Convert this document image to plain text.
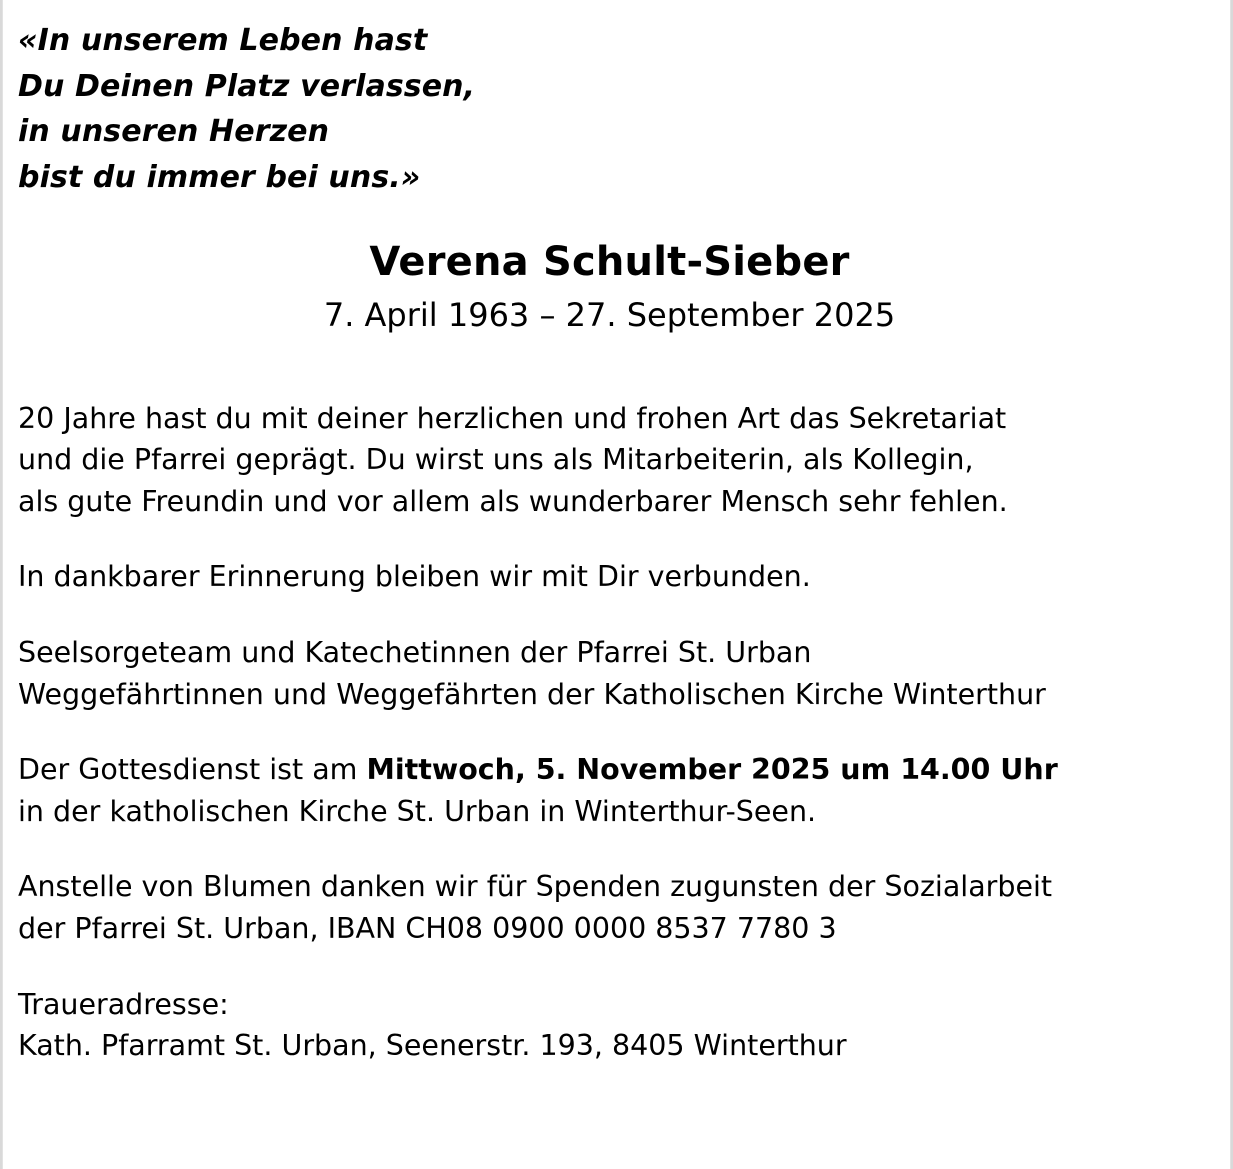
«In unserem Leben hast
Du Deinen Platz verlassen,
in unseren Herzen
bist du immer bei uns.»
Verena Schult-Sieber
7. April 1963 – 27. September 2025
20 Jahre hast du mit deiner herzlichen und frohen Art das Sekretariat
und die Pfarrei geprägt. Du wirst uns als Mitarbeiterin, als Kollegin,
als gute Freundin und vor allem als wunderbarer Mensch sehr fehlen.
In dankbarer Erinnerung bleiben wir mit Dir verbunden.
Seelsorgeteam und Katechetinnen der Pfarrei St. Urban
Weggefährtinnen und Weggefährten der Katholischen Kirche Winterthur
Der Gottesdienst ist am Mittwoch, 5. November 2025 um 14.00 Uhr
in der katholischen Kirche St. Urban in Winterthur-Seen.
Anstelle von Blumen danken wir für Spenden zugunsten der Sozialarbeit
der Pfarrei St. Urban, IBAN CH08 0900 0000 8537 7780 3
Traueradresse:
Kath. Pfarramt St. Urban, Seenerstr. 193, 8405 Winterthur
